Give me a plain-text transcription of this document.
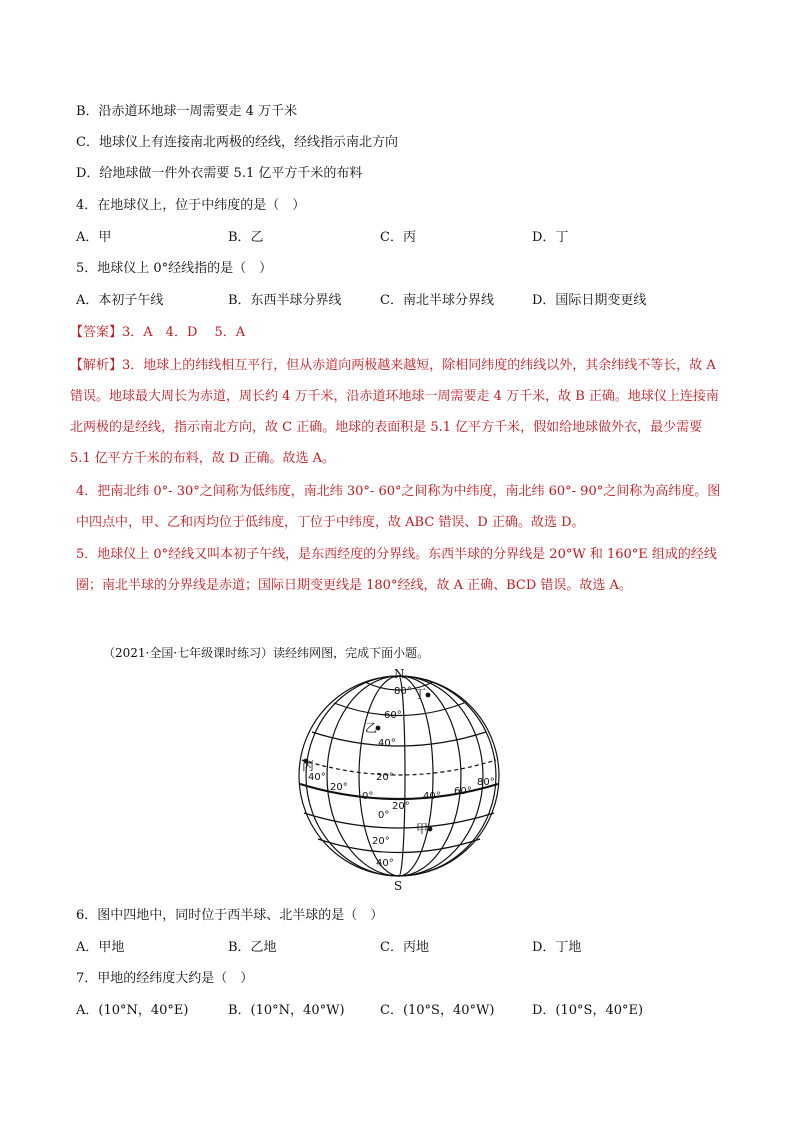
B．沿赤道环地球一周需要走 4 万千米
C．地球仪上有连接南北两极的经线，经线指示南北方向
D．给地球做一件外衣需要 5.1 亿平方千米的布料
4．在地球仪上，位于中纬度的是（　）
A．甲	B．乙	C．丙	D．丁
5．地球仪上 0°经线指的是（　）
A．本初子午线	B．东西半球分界线	C．南北半球分界线	D．国际日期变更线
【答案】3．A　4．D　 5．A
【解析】3．地球上的纬线相互平行，但从赤道向两极越来越短，除相同纬度的纬线以外，其余纬线不等长，故 A 错误。地球最大周长为赤道，周长约 4 万千米，沿赤道环地球一周需要走 4 万千米，故 B 正确。地球仪上连接南北两极的是经线，指示南北方向，故 C 正确。地球的表面积是 5.1 亿平方千米，假如给地球做外衣，最少需要 5.1 亿平方千米的布料，故 D 正确。故选 A。
4．把南北纬 0°- 30°之间称为低纬度，南北纬 30°- 60°之间称为中纬度，南北纬 60°- 90°之间称为高纬度。图中四点中，甲、乙和丙均位于低纬度，丁位于中纬度，故 ABC 错误、D 正确。故选 D。
5．地球仪上 0°经线又叫本初子午线，是东西经度的分界线。东西半球的分界线是 20°W 和 160°E 组成的经线圈；南北半球的分界线是赤道；国际日期变更线是 180°经线，故 A 正确、BCD 错误。故选 A。
（2021·全国·七年级课时练习）读经纬网图，完成下面小题。
N
S
80°
60°
40°
20°
0°
20°
40°
20°
0°
20°
40° 60°
80°
丁
乙
丙
40°
甲
6．图中四地中，同时位于西半球、北半球的是（　）
A．甲地	B．乙地	C．丙地	D．丁地
7．甲地的经纬度大约是（　）
A．(10°N，40°E)	B．(10°N，40°W)	C．(10°S，40°W)	D．(10°S，40°E)
